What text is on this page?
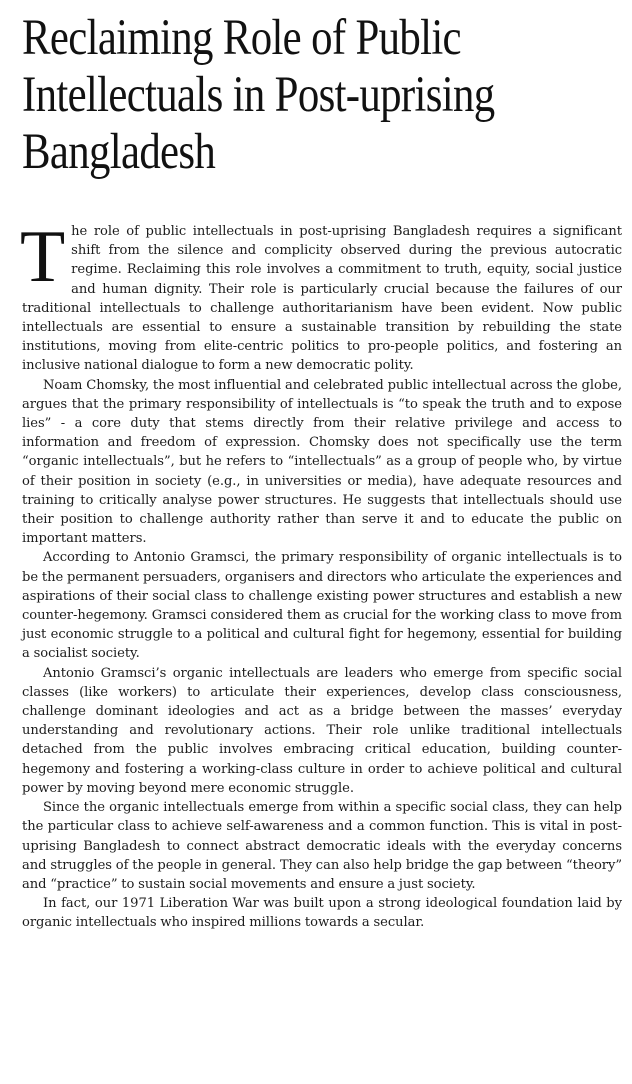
Reclaiming Role of Public Intellectuals in Post-uprising Bangladesh

The role of public intellectuals in post-uprising Bangladesh requires a significant shift from the silence and complicity observed during the previous autocratic regime. Reclaiming this role involves a commitment to truth, equity, social justice and human dignity. Their role is particularly crucial because the failures of our traditional intellectuals to challenge authoritarianism have been evident. Now public intellectuals are essential to ensure a sustainable transition by rebuilding the state institutions, moving from elite-centric politics to pro-people politics, and fostering an inclusive national dialogue to form a new democratic polity.

Noam Chomsky, the most influential and celebrated public intellectual across the globe, argues that the primary responsibility of intellectuals is “to speak the truth and to expose lies” - a core duty that stems directly from their relative privilege and access to information and freedom of expression. Chomsky does not specifically use the term “organic intellectuals”, but he refers to “intellectuals” as a group of people who, by virtue of their position in society (e.g., in universities or media), have adequate resources and training to critically analyse power structures. He suggests that intellectuals should use their position to challenge authority rather than serve it and to educate the public on important matters.

According to Antonio Gramsci, the primary responsibility of organic intellectuals is to be the permanent persuaders, organisers and directors who articulate the experiences and aspirations of their social class to challenge existing power structures and establish a new counter-hegemony. Gramsci considered them as crucial for the working class to move from just economic struggle to a political and cultural fight for hegemony, essential for building a socialist society.

Antonio Gramsci’s organic intellectuals are leaders who emerge from specific social classes (like workers) to articulate their experiences, develop class consciousness, challenge dominant ideologies and act as a bridge between the masses’ everyday understanding and revolutionary actions. Their role unlike traditional intellectuals detached from the public involves embracing critical education, building counter-hegemony and fostering a working-class culture in order to achieve political and cultural power by moving beyond mere economic struggle.

Since the organic intellectuals emerge from within a specific social class, they can help the particular class to achieve self-awareness and a common function. This is vital in post-uprising Bangladesh to connect abstract democratic ideals with the everyday concerns and struggles of the people in general. They can also help bridge the gap between “theory” and “practice” to sustain social movements and ensure a just society.

In fact, our 1971 Liberation War was built upon a strong ideological foundation laid by organic intellectuals who inspired millions towards a secular.
